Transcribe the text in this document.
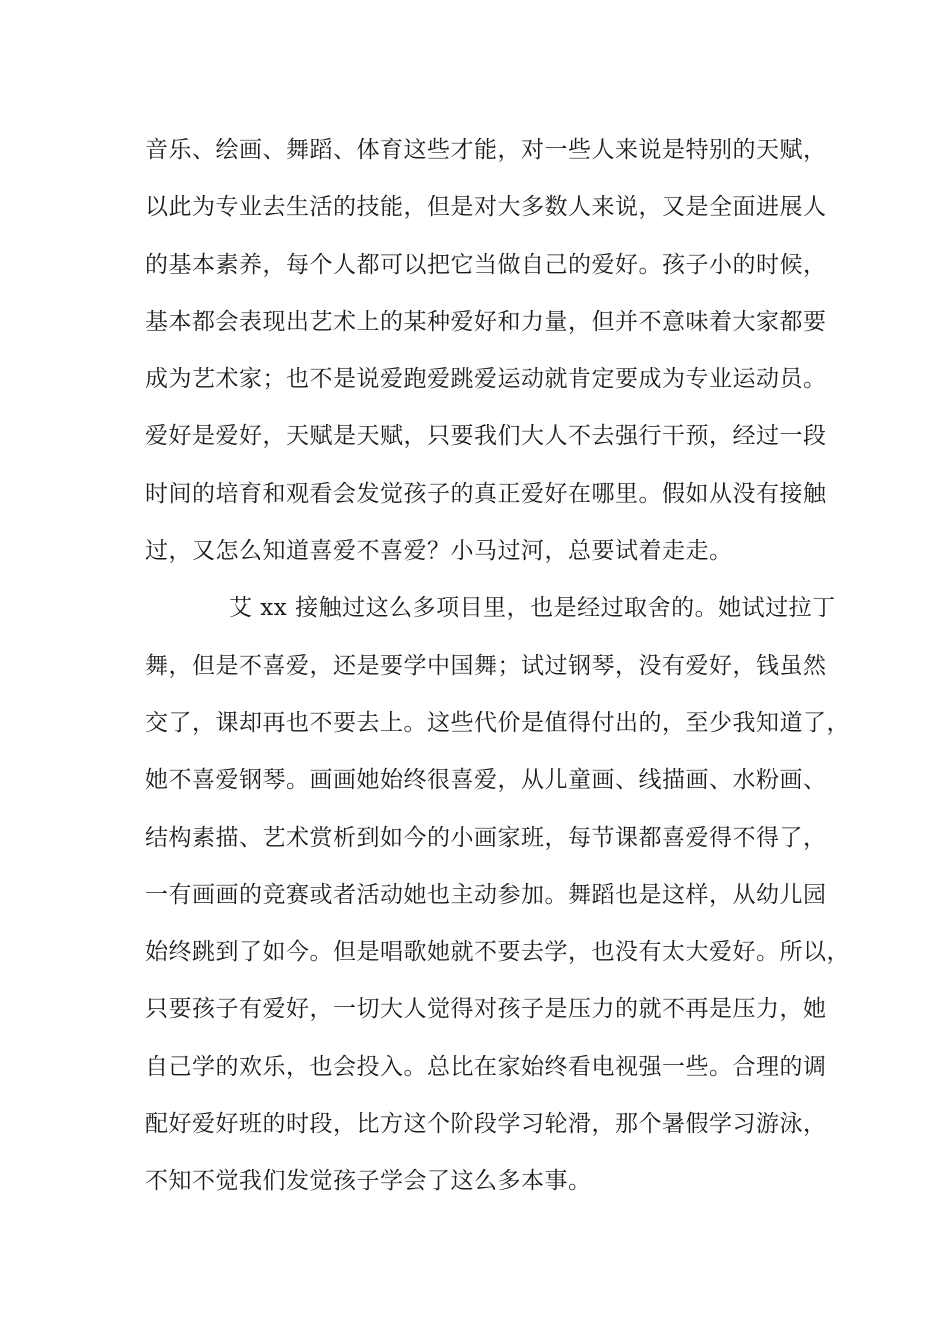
音乐、绘画、舞蹈、体育这些才能，对一些人来说是特别的天赋，
以此为专业去生活的技能，但是对大多数人来说，又是全面进展人
的基本素养，每个人都可以把它当做自己的爱好。孩子小的时候，
基本都会表现出艺术上的某种爱好和力量，但并不意味着大家都要
成为艺术家；也不是说爱跑爱跳爱运动就肯定要成为专业运动员。
爱好是爱好，天赋是天赋，只要我们大人不去强行干预，经过一段
时间的培育和观看会发觉孩子的真正爱好在哪里。假如从没有接触
过，又怎么知道喜爱不喜爱？小马过河，总要试着走走。
艾 xx 接触过这么多项目里，也是经过取舍的。她试过拉丁
舞，但是不喜爱，还是要学中国舞；试过钢琴，没有爱好，钱虽然
交了，课却再也不要去上。这些代价是值得付出的，至少我知道了，
她不喜爱钢琴。画画她始终很喜爱，从儿童画、线描画、水粉画、
结构素描、艺术赏析到如今的小画家班，每节课都喜爱得不得了，
一有画画的竞赛或者活动她也主动参加。舞蹈也是这样，从幼儿园
始终跳到了如今。但是唱歌她就不要去学，也没有太大爱好。所以，
只要孩子有爱好，一切大人觉得对孩子是压力的就不再是压力，她
自己学的欢乐，也会投入。总比在家始终看电视强一些。合理的调
配好爱好班的时段，比方这个阶段学习轮滑，那个暑假学习游泳，
不知不觉我们发觉孩子学会了这么多本事。
